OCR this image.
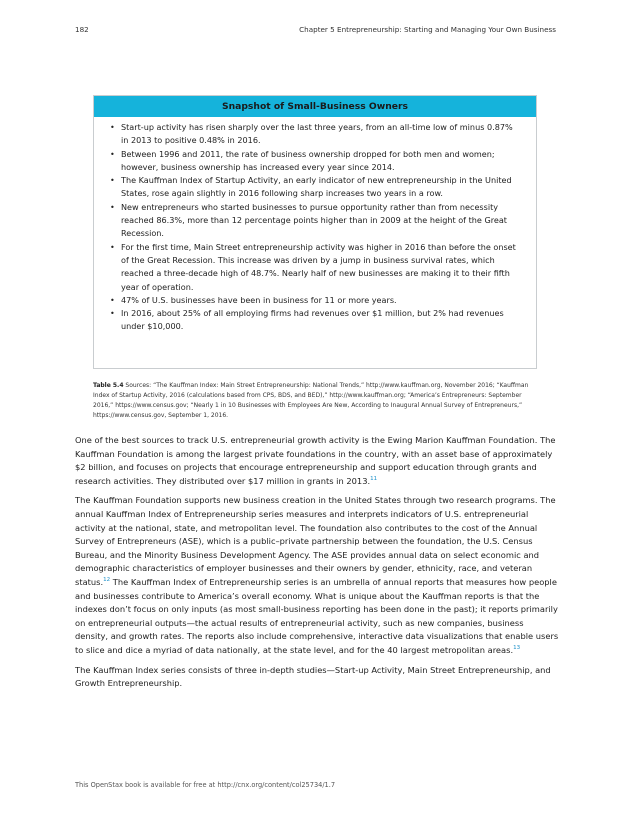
182	Chapter 5 Entrepreneurship: Starting and Managing Your Own Business
Snapshot of Small-Business Owners
• Start-up activity has risen sharply over the last three years, from an all-time low of minus 0.87% in 2013 to positive 0.48% in 2016.
• Between 1996 and 2011, the rate of business ownership dropped for both men and women; however, business ownership has increased every year since 2014.
• The Kauffman Index of Startup Activity, an early indicator of new entrepreneurship in the United States, rose again slightly in 2016 following sharp increases two years in a row.
• New entrepreneurs who started businesses to pursue opportunity rather than from necessity reached 86.3%, more than 12 percentage points higher than in 2009 at the height of the Great Recession.
• For the first time, Main Street entrepreneurship activity was higher in 2016 than before the onset of the Great Recession. This increase was driven by a jump in business survival rates, which reached a three-decade high of 48.7%. Nearly half of new businesses are making it to their fifth year of operation.
• 47% of U.S. businesses have been in business for 11 or more years.
• In 2016, about 25% of all employing firms had revenues over $1 million, but 2% had revenues under $10,000.
Table 5.4 Sources: “The Kauffman Index: Main Street Entrepreneurship: National Trends,” http://www.kauffman.org, November 2016; “Kauffman Index of Startup Activity, 2016 (calculations based from CPS, BDS, and BED),” http://www.kauffman.org; “America’s Entrepreneurs: September 2016,” https://www.census.gov; “Nearly 1 in 10 Businesses with Employees Are New, According to Inaugural Annual Survey of Entrepreneurs,” https://www.census.gov, September 1, 2016.

One of the best sources to track U.S. entrepreneurial growth activity is the Ewing Marion Kauffman Foundation. The Kauffman Foundation is among the largest private foundations in the country, with an asset base of approximately $2 billion, and focuses on projects that encourage entrepreneurship and support education through grants and research activities. They distributed over $17 million in grants in 2013.11

The Kauffman Foundation supports new business creation in the United States through two research programs. The annual Kauffman Index of Entrepreneurship series measures and interprets indicators of U.S. entrepreneurial activity at the national, state, and metropolitan level. The foundation also contributes to the cost of the Annual Survey of Entrepreneurs (ASE), which is a public–private partnership between the foundation, the U.S. Census Bureau, and the Minority Business Development Agency. The ASE provides annual data on select economic and demographic characteristics of employer businesses and their owners by gender, ethnicity, race, and veteran status.$^{12}$ The Kauffman Index of Entrepreneurship series is an umbrella of annual reports that measures how people and businesses contribute to America’s overall economy. What is unique about the Kauffman reports is that the indexes don’t focus on only inputs (as most small-business reporting has been done in the past); it reports primarily on entrepreneurial outputs—the actual results of entrepreneurial activity, such as new companies, business density, and growth rates. The reports also include comprehensive, interactive data visualizations that enable users to slice and dice a myriad of data nationally, at the state level, and for the 40 largest metropolitan areas.$^{13}$

The Kauffman Index series consists of three in-depth studies—Start-up Activity, Main Street Entrepreneurship, and Growth Entrepreneurship.

This OpenStax book is available for free at http://cnx.org/content/col25734/1.7
